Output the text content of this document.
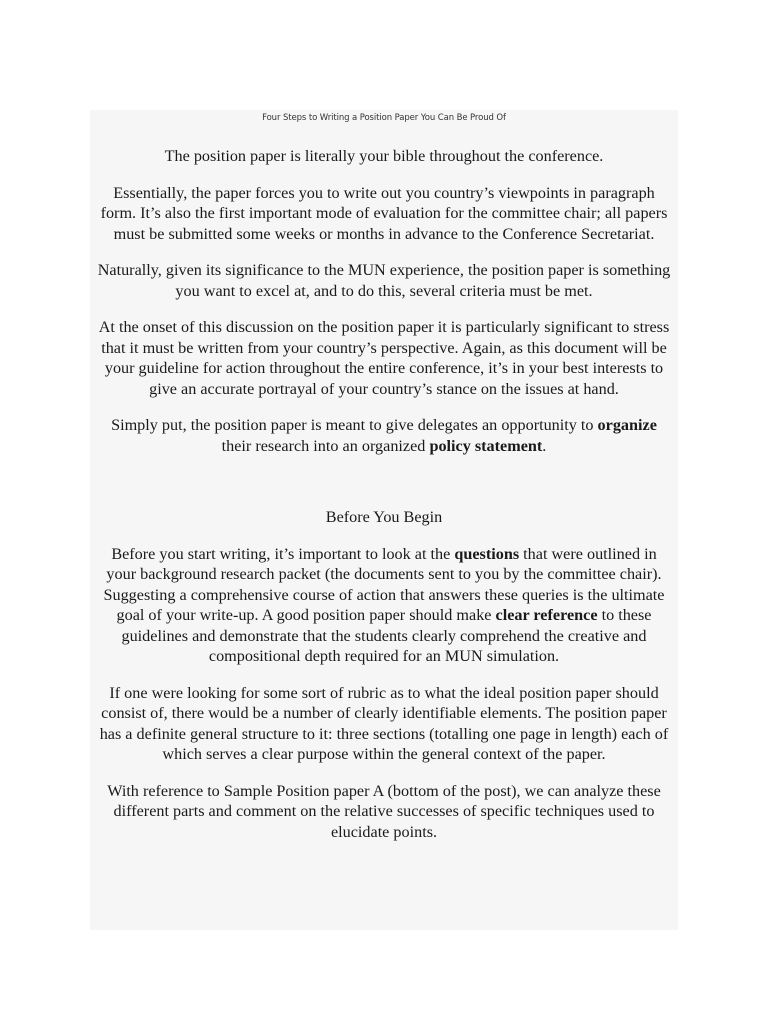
Four Steps to Writing a Position Paper You Can Be Proud Of

The position paper is literally your bible throughout the conference.

Essentially, the paper forces you to write out you country’s viewpoints in paragraph form. It’s also the first important mode of evaluation for the committee chair; all papers must be submitted some weeks or months in advance to the Conference Secretariat.

Naturally, given its significance to the MUN experience, the position paper is something you want to excel at, and to do this, several criteria must be met.

At the onset of this discussion on the position paper it is particularly significant to stress that it must be written from your country’s perspective. Again, as this document will be your guideline for action throughout the entire conference, it’s in your best interests to give an accurate portrayal of your country’s stance on the issues at hand.

Simply put, the position paper is meant to give delegates an opportunity to organize their research into an organized policy statement.

Before You Begin

Before you start writing, it’s important to look at the questions that were outlined in your background research packet (the documents sent to you by the committee chair). Suggesting a comprehensive course of action that answers these queries is the ultimate goal of your write-up. A good position paper should make clear reference to these guidelines and demonstrate that the students clearly comprehend the creative and compositional depth required for an MUN simulation.

If one were looking for some sort of rubric as to what the ideal position paper should consist of, there would be a number of clearly identifiable elements. The position paper has a definite general structure to it: three sections (totalling one page in length) each of which serves a clear purpose within the general context of the paper.

With reference to Sample Position paper A (bottom of the post), we can analyze these different parts and comment on the relative successes of specific techniques used to elucidate points.
